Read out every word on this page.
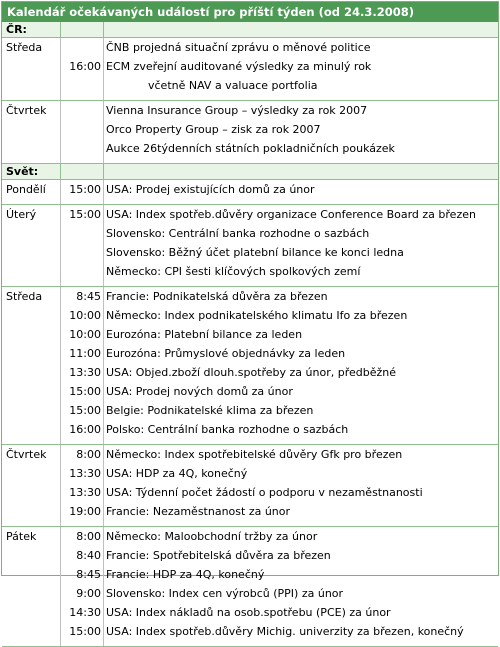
Kalendář očekávaných událostí pro příští týden (od 24.3.2008)
ČR:
Středa	ČNB projedná situační zprávu o měnové politice
16:00 ECM zveřejní auditované výsledky za minulý rok
včetně NAV a valuace portfolia
Čtvrtek	Vienna Insurance Group – výsledky za rok 2007
Orco Property Group – zisk za rok 2007
Aukce 26týdenních státních pokladničních poukázek
Svět:
Pondělí	15:00 USA: Prodej existujících domů za únor
Úterý	15:00 USA: Index spotřeb.důvěry organizace Conference Board za březen
Slovensko: Centrální banka rozhodne o sazbách
Slovensko: Běžný účet platební bilance ke konci ledna
Německo: CPI šesti klíčových spolkových zemí
Středa	8:45 Francie: Podnikatelská důvěra za březen
10:00 Německo: Index podnikatelského klimatu Ifo za březen
10:00 Eurozóna: Platební bilance za leden
11:00 Eurozóna: Průmyslové objednávky za leden
13:30 USA: Objed.zboží dlouh.spotřeby za únor, předběžné
15:00 USA: Prodej nových domů za únor
15:00 Belgie: Podnikatelské klima za březen
16:00 Polsko: Centrální banka rozhodne o sazbách
Čtvrtek	8:00 Německo: Index spotřebitelské důvěry Gfk pro březen
13:30 USA: HDP za 4Q, konečný
13:30 USA: Týdenní počet žádostí o podporu v nezaměstnanosti
19:00 Francie: Nezaměstnanost za únor
Pátek	8:00 Německo: Maloobchodní tržby za únor
8:40 Francie: Spotřebitelská důvěra za březen
8:45 Francie: HDP za 4Q, konečný
9:00 Slovensko: Index cen výrobců (PPI) za únor
14:30 USA: Index nákladů na osob.spotřebu (PCE) za únor
15:00 USA: Index spotřeb.důvěry Michig. univerzity za březen, konečný
